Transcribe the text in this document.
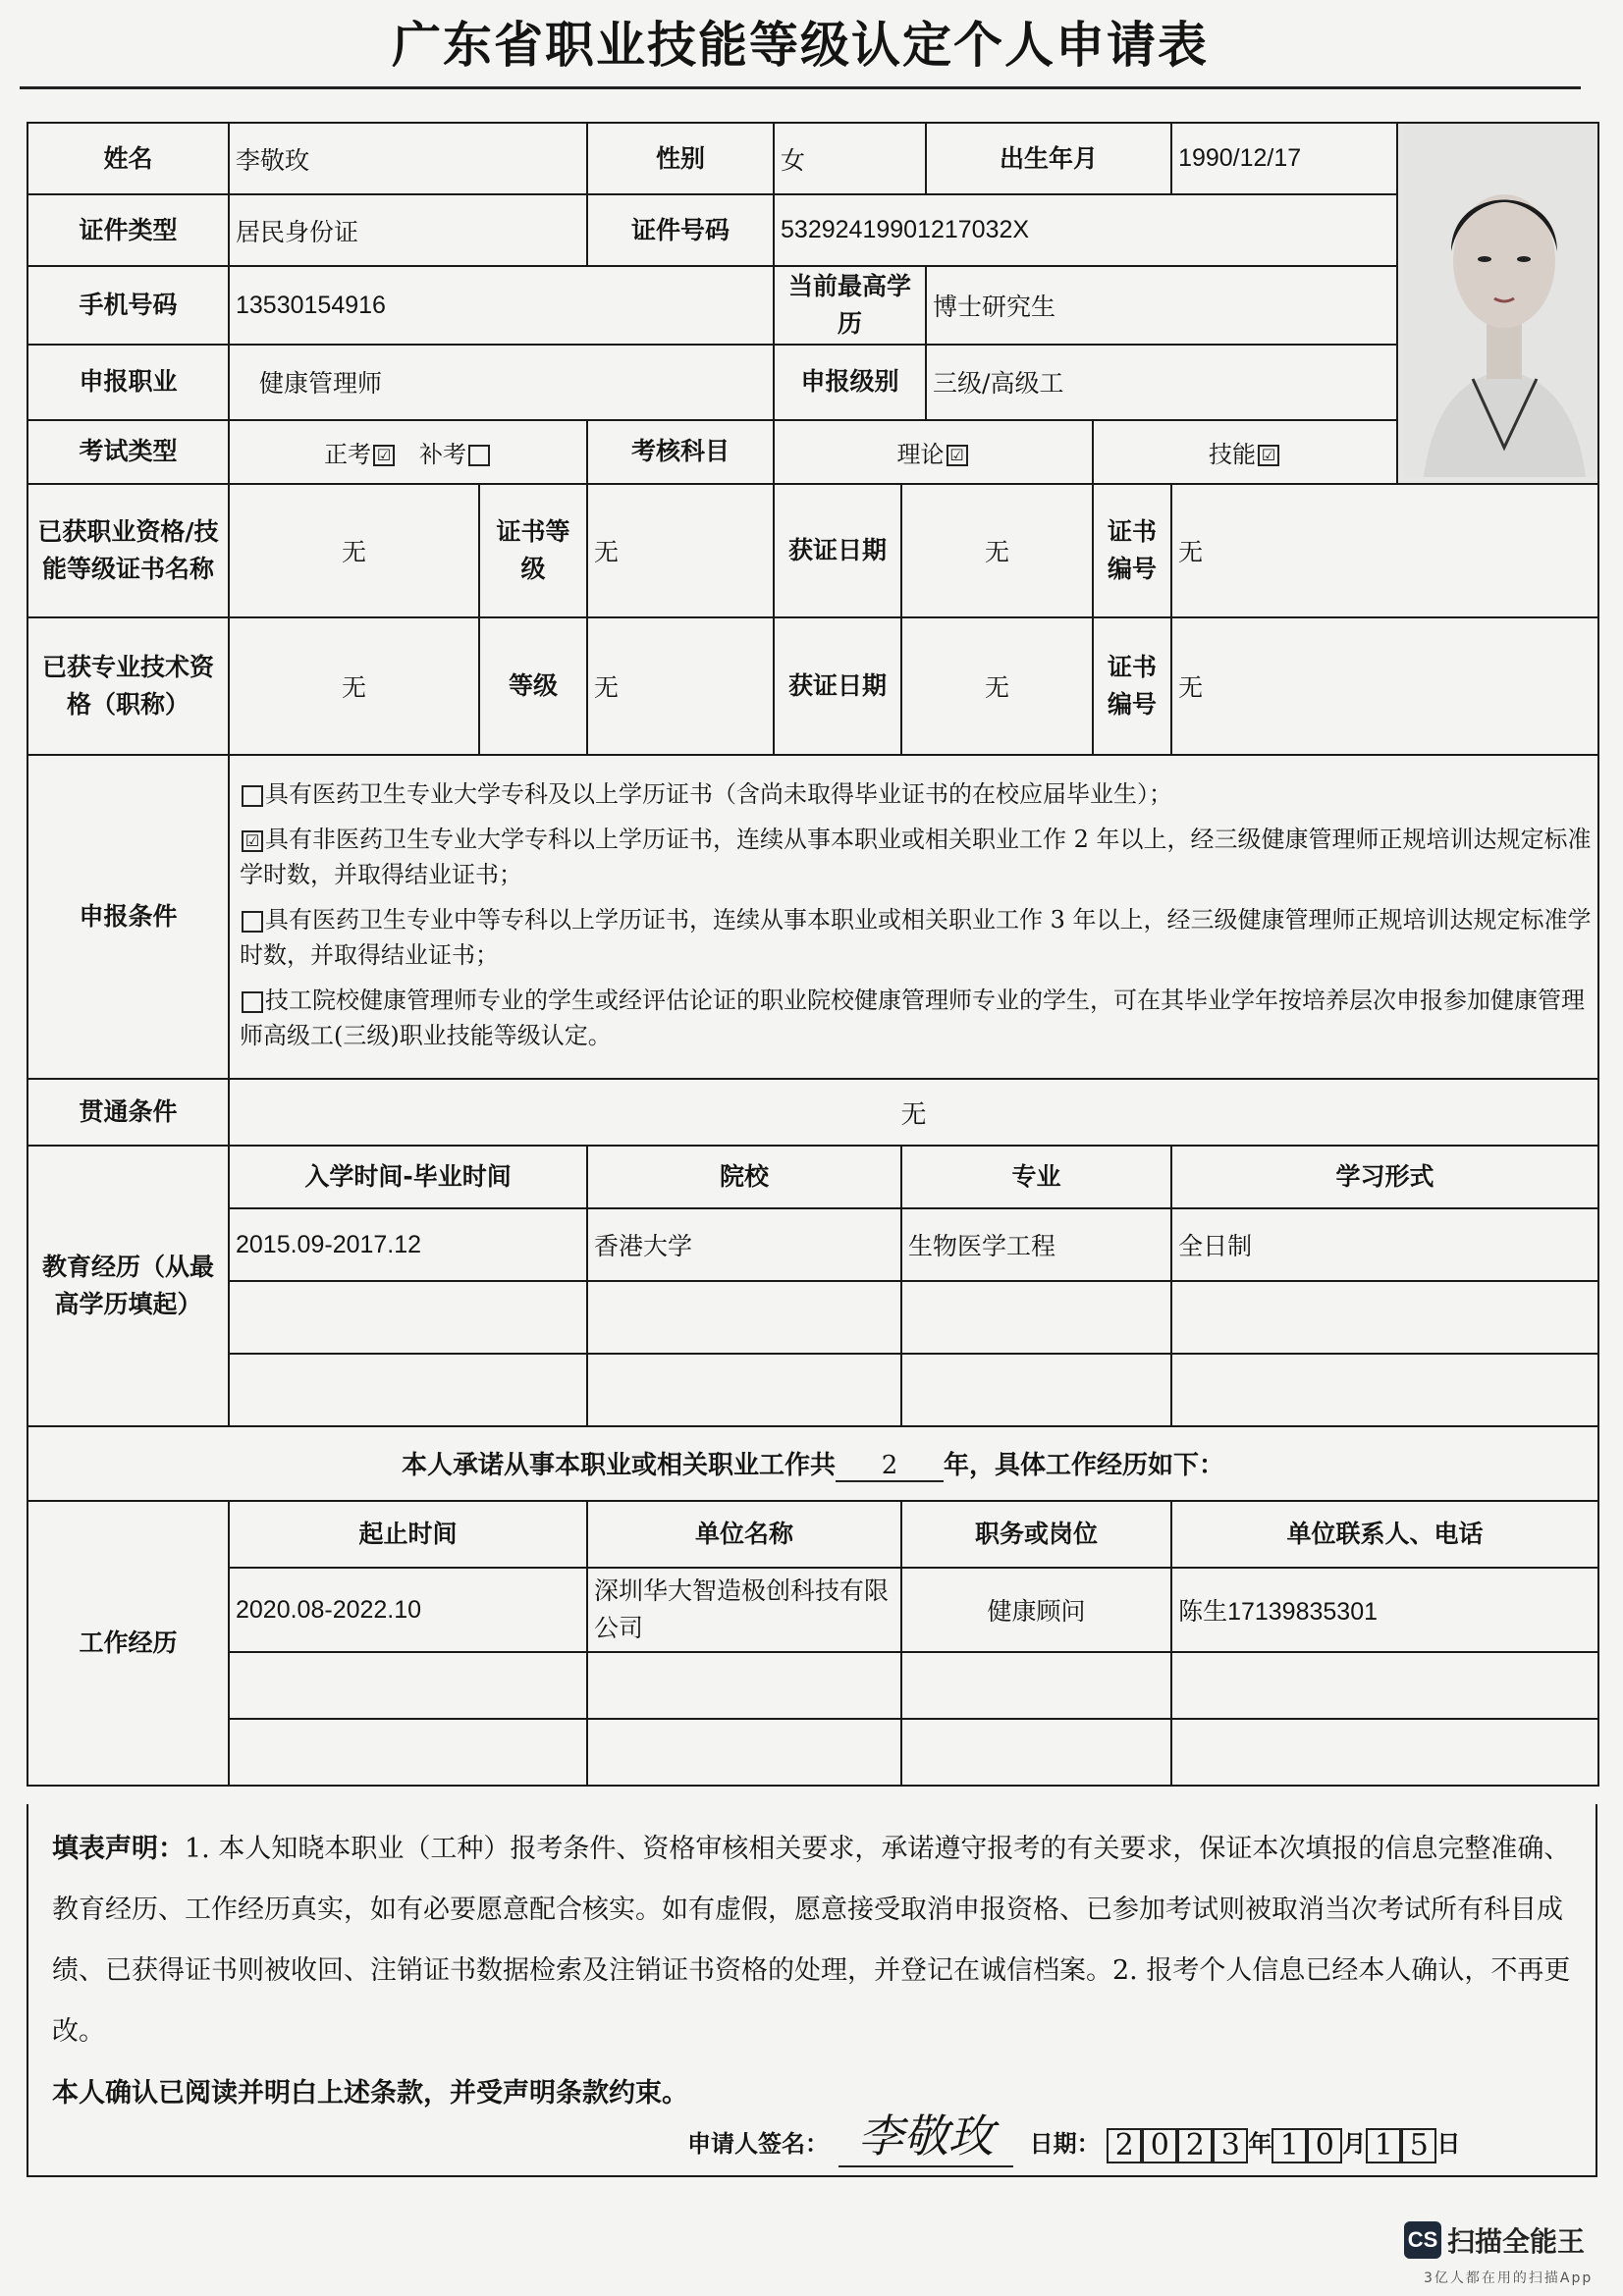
广东省职业技能等级认定个人申请表
姓名	李敬玫		性别	女		出生年月		1990/12/17	
证件类型	居民身份证		证件号码	53292419901217032X					
手机号码	13530154916			当前最高学历		博士研究生			
申报职业	健康管理师			申报级别		三级/高级工			
考试类型	正考 ☑ 补考		考核科目	理论 ☑			技能 ☑		
已获职业资格/技能等级证书名称	无	证书等级	无	获证日期	无		证书编号	无	
已获专业技术资格（职称）	无	等级	无	获证日期	无		证书编号	无	
申报条件	具有医药卫生专业大学专科及以上学历证书（含尚未取得毕业证书的在校应届毕业生）；

☑ 具有非医药卫生专业大学专科以上学历证书，连续从事本职业或相关职业工作 2 年以上，经三级健康管理师正规培训达规定标准学时数，并取得结业证书；

具有医药卫生专业中等专科以上学历证书，连续从事本职业或相关职业工作 3 年以上，经三级健康管理师正规培训达规定标准学时数，并取得结业证书；

技工院校健康管理师专业的学生或经评估论证的职业院校健康管理师专业的学生，可在其毕业学年按培养层次申报参加健康管理师高级工(三级)职业技能等级认定。								

贯通条件	无								
教育经历（从最高学历填起）	入学时间-毕业时间		院校		专业			学习形式	
	2015.09-2017.12		香港大学		生物医学工程			全日制	

本人承诺从事本职业或相关职业工作共 2 年，具体工作经历如下：									
工作经历	起止时间		单位名称		职务或岗位			单位联系人、电话	
	2020.08-2022.10		深圳华大智造极创科技有限公司		健康顾问			陈生17139835301	

填表声明：1. 本人知晓本职业（工种）报考条件、资格审核相关要求，承诺遵守报考的有关要求，保证本次填报的信息完整准确、教育经历、工作经历真实，如有必要愿意配合核实。如有虚假，愿意接受取消申报资格、已参加考试则被取消当次考试所有科目成绩、已获得证书则被收回、注销证书数据检索及注销证书资格的处理，并登记在诚信档案。2. 报考个人信息已经本人确认，不再更改。

本人确认已阅读并明白上述条款，并受声明条款约束。

申请人签名： 李敬玫 日期： 2 0 2 3 年 1 0 月 1 5 日
CS 扫描全能王
3亿人都在用的扫描App
